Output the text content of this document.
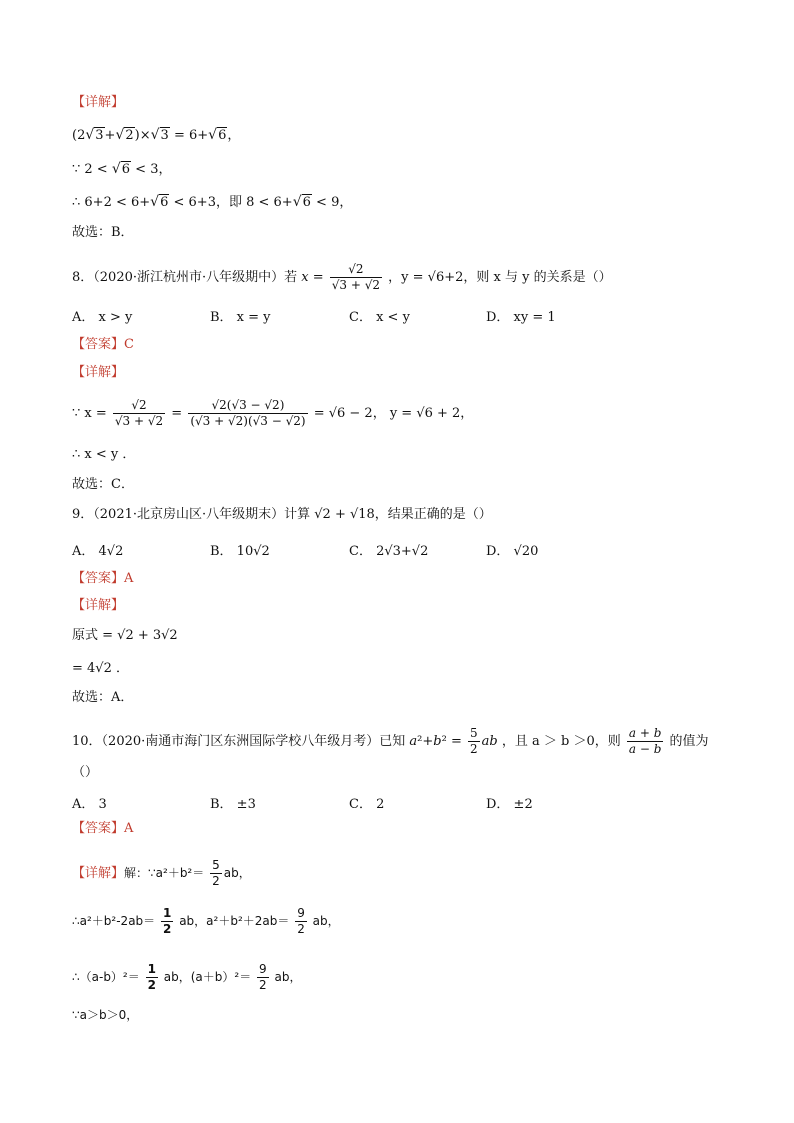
【详解】
(2√3+√2)×√3 = 6+√6，
∵ 2 < √6 < 3，
∴ 6+2 < 6+√6 < 6+3，即 8 < 6+√6 < 9，
故选：B．
8．（2020·浙江杭州市·八年级期中）若 $x = \frac{√2}{√3 + √2}$ ，y = √6+2，则 x 与 y 的关系是（）
A． x > y	B． x = y	C． x < y	D． xy = 1
【答案】C
【详解】
∵ $x = \frac{√2}{√3 + √2} = \frac{√2(√3 - √2)}{(√3 + √2)(√3 - √2)} = √6 - 2$， y = √6 + 2，
∴ x < y ．
故选：C．
9．（2021·北京房山区·八年级期末）计算 √2 + √18，结果正确的是（）
A． 4√2	B． 10√2	C． 2√3+√2	D． √20
【答案】A
【详解】
原式 = √2 + 3√2
= 4√2 ．
故选：A．
10．（2020·南通市海门区东洲国际学校八年级月考）已知 $a^2+b^2 = \frac{5}{2}$ ab ，且 a ＞ b ＞0，则 $\frac{a + b}{a - b}$ 的值为
（）
A． 3	B． ±3	C． 2	D． ±2
【答案】A
【详解】解：∵a²＋b²＝ $\frac{5}{2}$ ab，
∴a²＋b²-2ab＝ $\frac{1}{2}$ ab，$a^2+b^2+2ab= \frac{9}{2}$ ab，
∴（a-b）²＝ $\frac{1}{2}$ ab，$(a+b)^2= \frac{9}{2}$ ab，
∵a＞b＞0，
